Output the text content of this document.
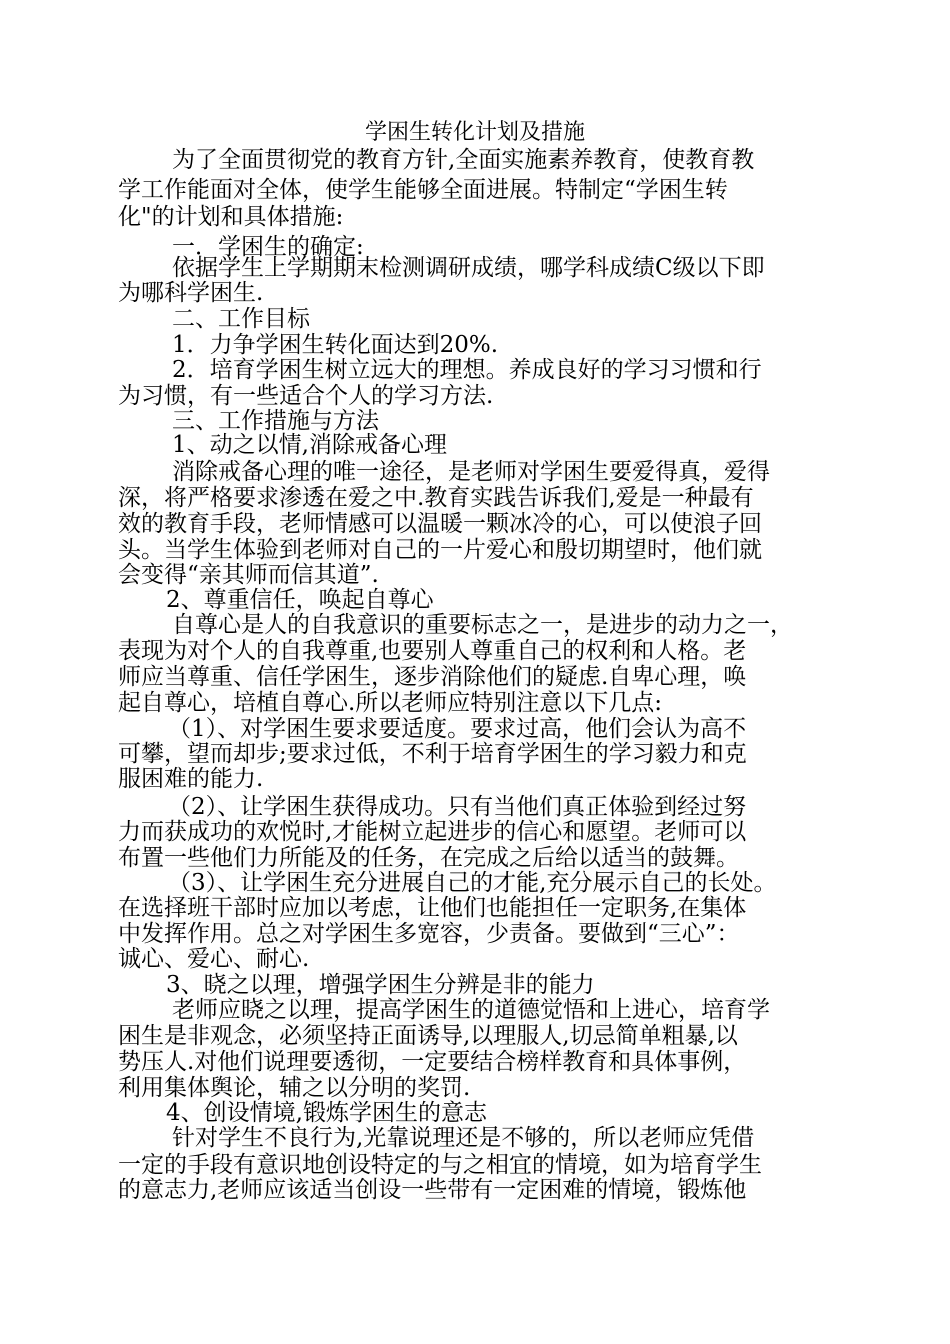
学困生转化计划及措施
为了全面贯彻党的教育方针,全面实施素养教育，使教育教
学工作能面对全体，使学生能够全面进展。特制定“学困生转
化"的计划和具体措施:
一．学困生的确定:
依据学生上学期期末检测调研成绩，哪学科成绩C级以下即
为哪科学困生.
二、工作目标
1．力争学困生转化面达到20%.
2．培育学困生树立远大的理想。养成良好的学习习惯和行
为习惯，有一些适合个人的学习方法.
三、工作措施与方法
1、动之以情,消除戒备心理
消除戒备心理的唯一途径，是老师对学困生要爱得真，爱得
深，将严格要求渗透在爱之中.教育实践告诉我们,爱是一种最有
效的教育手段，老师情感可以温暖一颗冰冷的心，可以使浪子回
头。当学生体验到老师对自己的一片爱心和殷切期望时，他们就
会变得“亲其师而信其道”.
2、尊重信任，唤起自尊心
自尊心是人的自我意识的重要标志之一，是进步的动力之一，
表现为对个人的自我尊重,也要别人尊重自己的权利和人格。老
师应当尊重、信任学困生，逐步消除他们的疑虑.自卑心理，唤
起自尊心，培植自尊心.所以老师应特别注意以下几点:
（1）、对学困生要求要适度。要求过高，他们会认为高不
可攀，望而却步;要求过低，不利于培育学困生的学习毅力和克
服困难的能力.
（2）、让学困生获得成功。只有当他们真正体验到经过努
力而获成功的欢悦时,才能树立起进步的信心和愿望。老师可以
布置一些他们力所能及的任务，在完成之后给以适当的鼓舞。
（3）、让学困生充分进展自己的才能,充分展示自己的长处。
在选择班干部时应加以考虑，让他们也能担任一定职务,在集体
中发挥作用。总之对学困生多宽容，少责备。要做到“三心”：
诚心、爱心、耐心.
3、晓之以理，增强学困生分辨是非的能力
老师应晓之以理，提高学困生的道德觉悟和上进心，培育学
困生是非观念，必须坚持正面诱导,以理服人,切忌简单粗暴,以
势压人.对他们说理要透彻，一定要结合榜样教育和具体事例，
利用集体舆论，辅之以分明的奖罚.
4、创设情境,锻炼学困生的意志
针对学生不良行为,光靠说理还是不够的，所以老师应凭借
一定的手段有意识地创设特定的与之相宜的情境，如为培育学生
的意志力,老师应该适当创设一些带有一定困难的情境，锻炼他
